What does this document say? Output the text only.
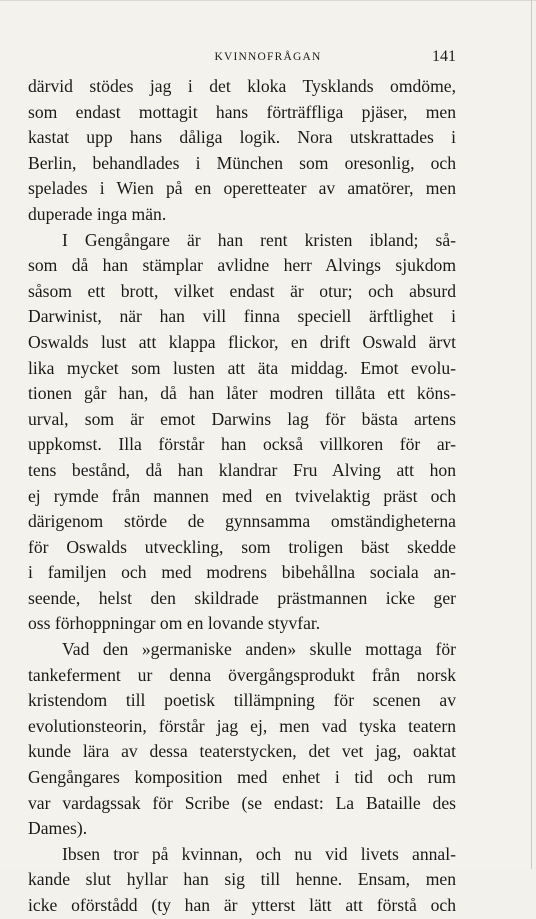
KVINNOFRÅGAN	141
därvid stödes jag i det kloka Tysklands omdöme,
som endast mottagit hans förträffliga pjäser, men
kastat upp hans dåliga logik. Nora utskrattades i
Berlin, behandlades i München som oresonlig, och
spelades i Wien på en operetteater av amatörer, men
duperade inga män.
I Gengångare är han rent kristen ibland; så-
som då han stämplar avlidne herr Alvings sjukdom
såsom ett brott, vilket endast är otur; och absurd
Darwinist, när han vill finna speciell ärftlighet i
Oswalds lust att klappa flickor, en drift Oswald ärvt
lika mycket som lusten att äta middag. Emot evolu-
tionen går han, då han låter modren tillåta ett köns-
urval, som är emot Darwins lag för bästa artens
uppkomst. Illa förstår han också villkoren för ar-
tens bestånd, då han klandrar Fru Alving att hon
ej rymde från mannen med en tvivelaktig präst och
därigenom störde de gynnsamma omständigheterna
för Oswalds utveckling, som troligen bäst skedde
i familjen och med modrens bibehållna sociala an-
seende, helst den skildrade prästmannen icke ger
oss förhoppningar om en lovande styvfar.
Vad den »germaniske anden» skulle mottaga för
tankeferment ur denna övergångsprodukt från norsk
kristendom till poetisk tillämpning för scenen av
evolutionsteorin, förstår jag ej, men vad tyska teatern
kunde lära av dessa teaterstycken, det vet jag, oaktat
Gengångares komposition med enhet i tid och rum
var vardagssak för Scribe (se endast: La Bataille des
Dames).
Ibsen tror på kvinnan, och nu vid livets annal-
kande slut hyllar han sig till henne. Ensam, men
icke oförstådd (ty han är ytterst lätt att förstå och
